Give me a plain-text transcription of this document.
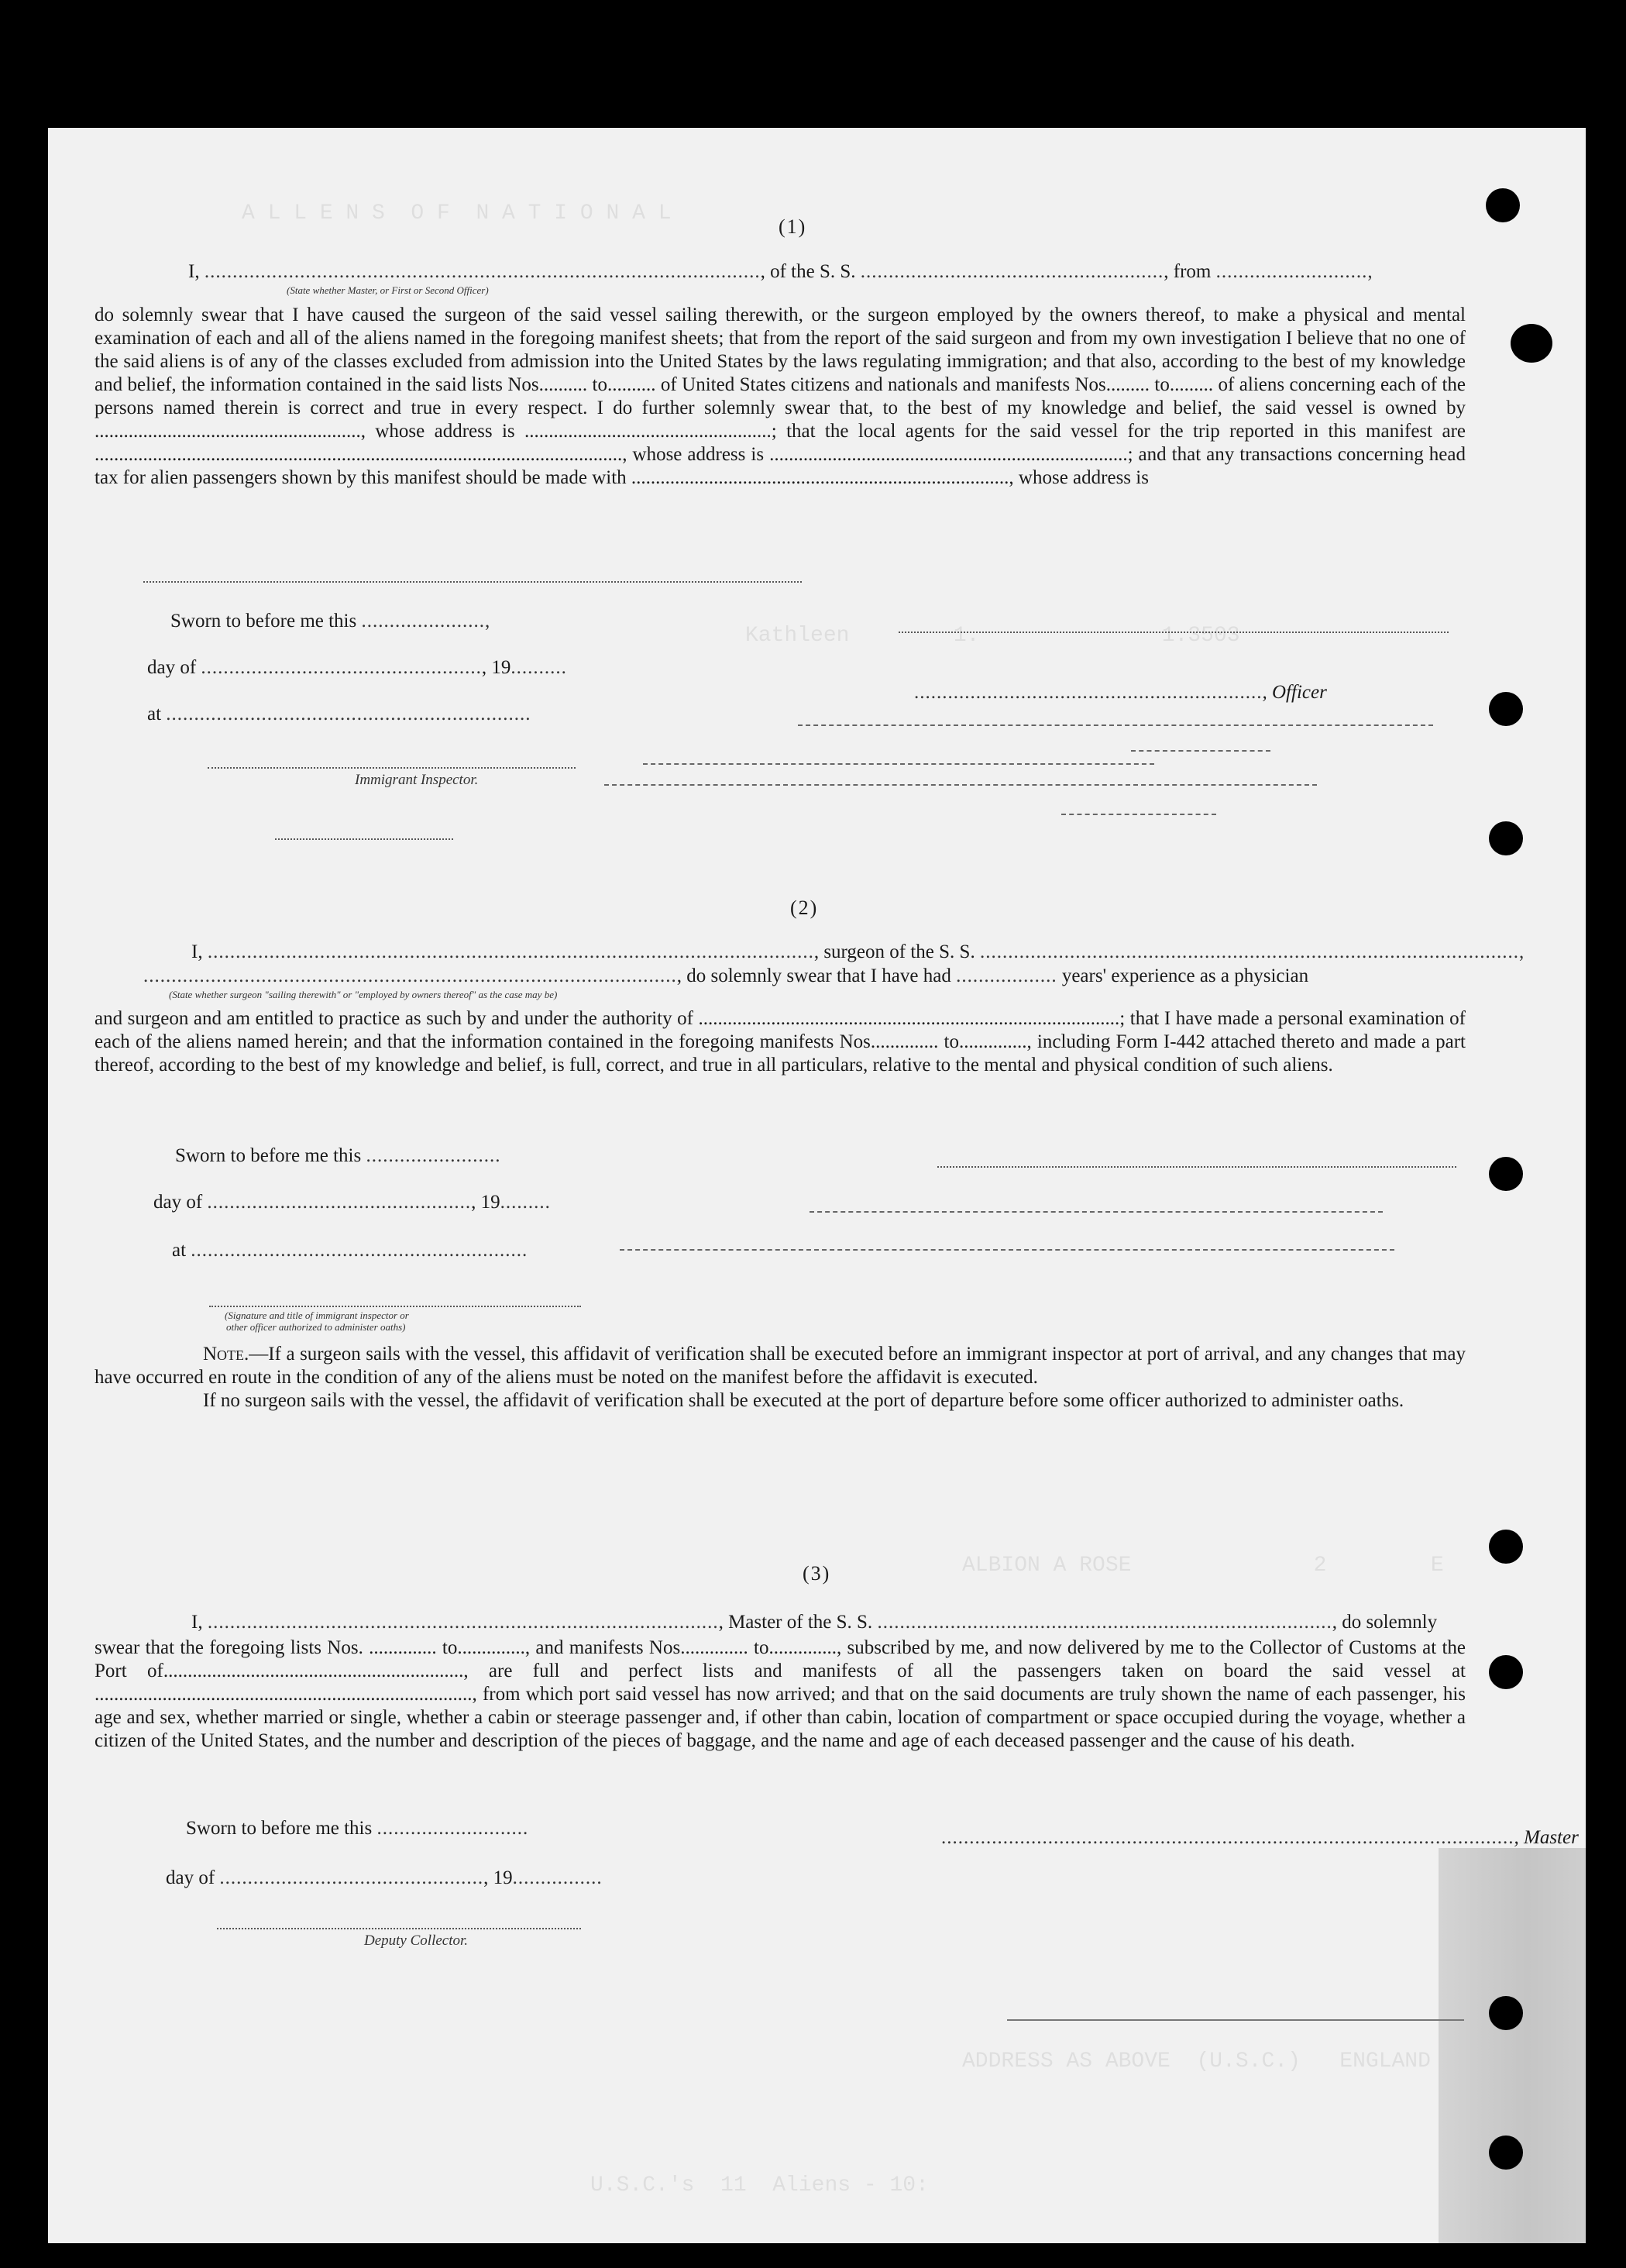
A L L E N S  O F  N A T I O N A L
Kathleen        1.              1.3503
ALBION A ROSE              2        E
ADDRESS AS ABOVE  (U.S.C.)   ENGLAND
U.S.C.'s  11  Aliens - 10:
(1)
I, ..................................................................................................., of the S. S. ......................................................, from ...........................,
(State whether Master, or First or Second Officer)

do solemnly swear that I have caused the surgeon of the said vessel sailing therewith, or the surgeon employed by the owners thereof, to make a physical and mental examination of each and all of the aliens named in the foregoing manifest sheets; that from the report of the said surgeon and from my own investigation I believe that no one of the said aliens is of any of the classes excluded from admission into the United States by the laws regulating immigration; and that also, according to the best of my knowledge and belief, the information contained in the said lists Nos.......... to.......... of United States citizens and nationals and manifests Nos......... to......... of aliens concerning each of the persons named therein is correct and true in every respect. I do further solemnly swear that, to the best of my knowledge and belief, the said vessel is owned by ......................................................., whose address is ...................................................; that the local agents for the said vessel for the trip reported in this manifest are ............................................................................................................., whose address is ..........................................................................; and that any transactions concerning head tax for alien passengers shown by this manifest should be made with .............................................................................., whose address is

Sworn to before me this ......................,
day of .................................................., 19..........
.............................................................., Officer
at .................................................................
Immigrant Inspector.
(2)
I, ............................................................................................................, surgeon of the S. S. ................................................................................................,
..............................................................................................., do solemnly swear that I have had .................. years' experience as a physician
(State whether surgeon "sailing therewith" or "employed by owners thereof" as the case may be)

and surgeon and am entitled to practice as such by and under the authority of .......................................................................................; that I have made a personal examination of each of the aliens named herein; and that the information contained in the foregoing manifests Nos.............. to.............., including Form I-442 attached thereto and made a part thereof, according to the best of my knowledge and belief, is full, correct, and true in all particulars, relative to the mental and physical condition of such aliens.

Sworn to before me this ........................
day of ..............................................., 19.........
at ............................................................
(Signature and title of immigrant inspector or
other officer authorized to administer oaths)

Note.—If a surgeon sails with the vessel, this affidavit of verification shall be executed before an immigrant inspector at port of arrival, and any changes that may have occurred en route in the condition of any of the aliens must be noted on the manifest before the affidavit is executed.

If no surgeon sails with the vessel, the affidavit of verification shall be executed at the port of departure before some officer authorized to administer oaths.

(3)
I, ..........................................................................................., Master of the S. S. ................................................................................., do solemnly

swear that the foregoing lists Nos. .............. to.............., and manifests Nos.............. to.............., subscribed by me, and now delivered by me to the Collector of Customs at the Port of.............................................................., are full and perfect lists and manifests of all the passengers taken on board the said vessel at .............................................................................., from which port said vessel has now arrived; and that on the said documents are truly shown the name of each passenger, his age and sex, whether married or single, whether a cabin or steerage passenger and, if other than cabin, location of compartment or space occupied during the voyage, whether a citizen of the United States, and the number and description of the pieces of baggage, and the name and age of each deceased passenger and the cause of his death.

Sworn to before me this ...........................	......................................................................................................, Master
day of ..............................................., 19................
Deputy Collector.
